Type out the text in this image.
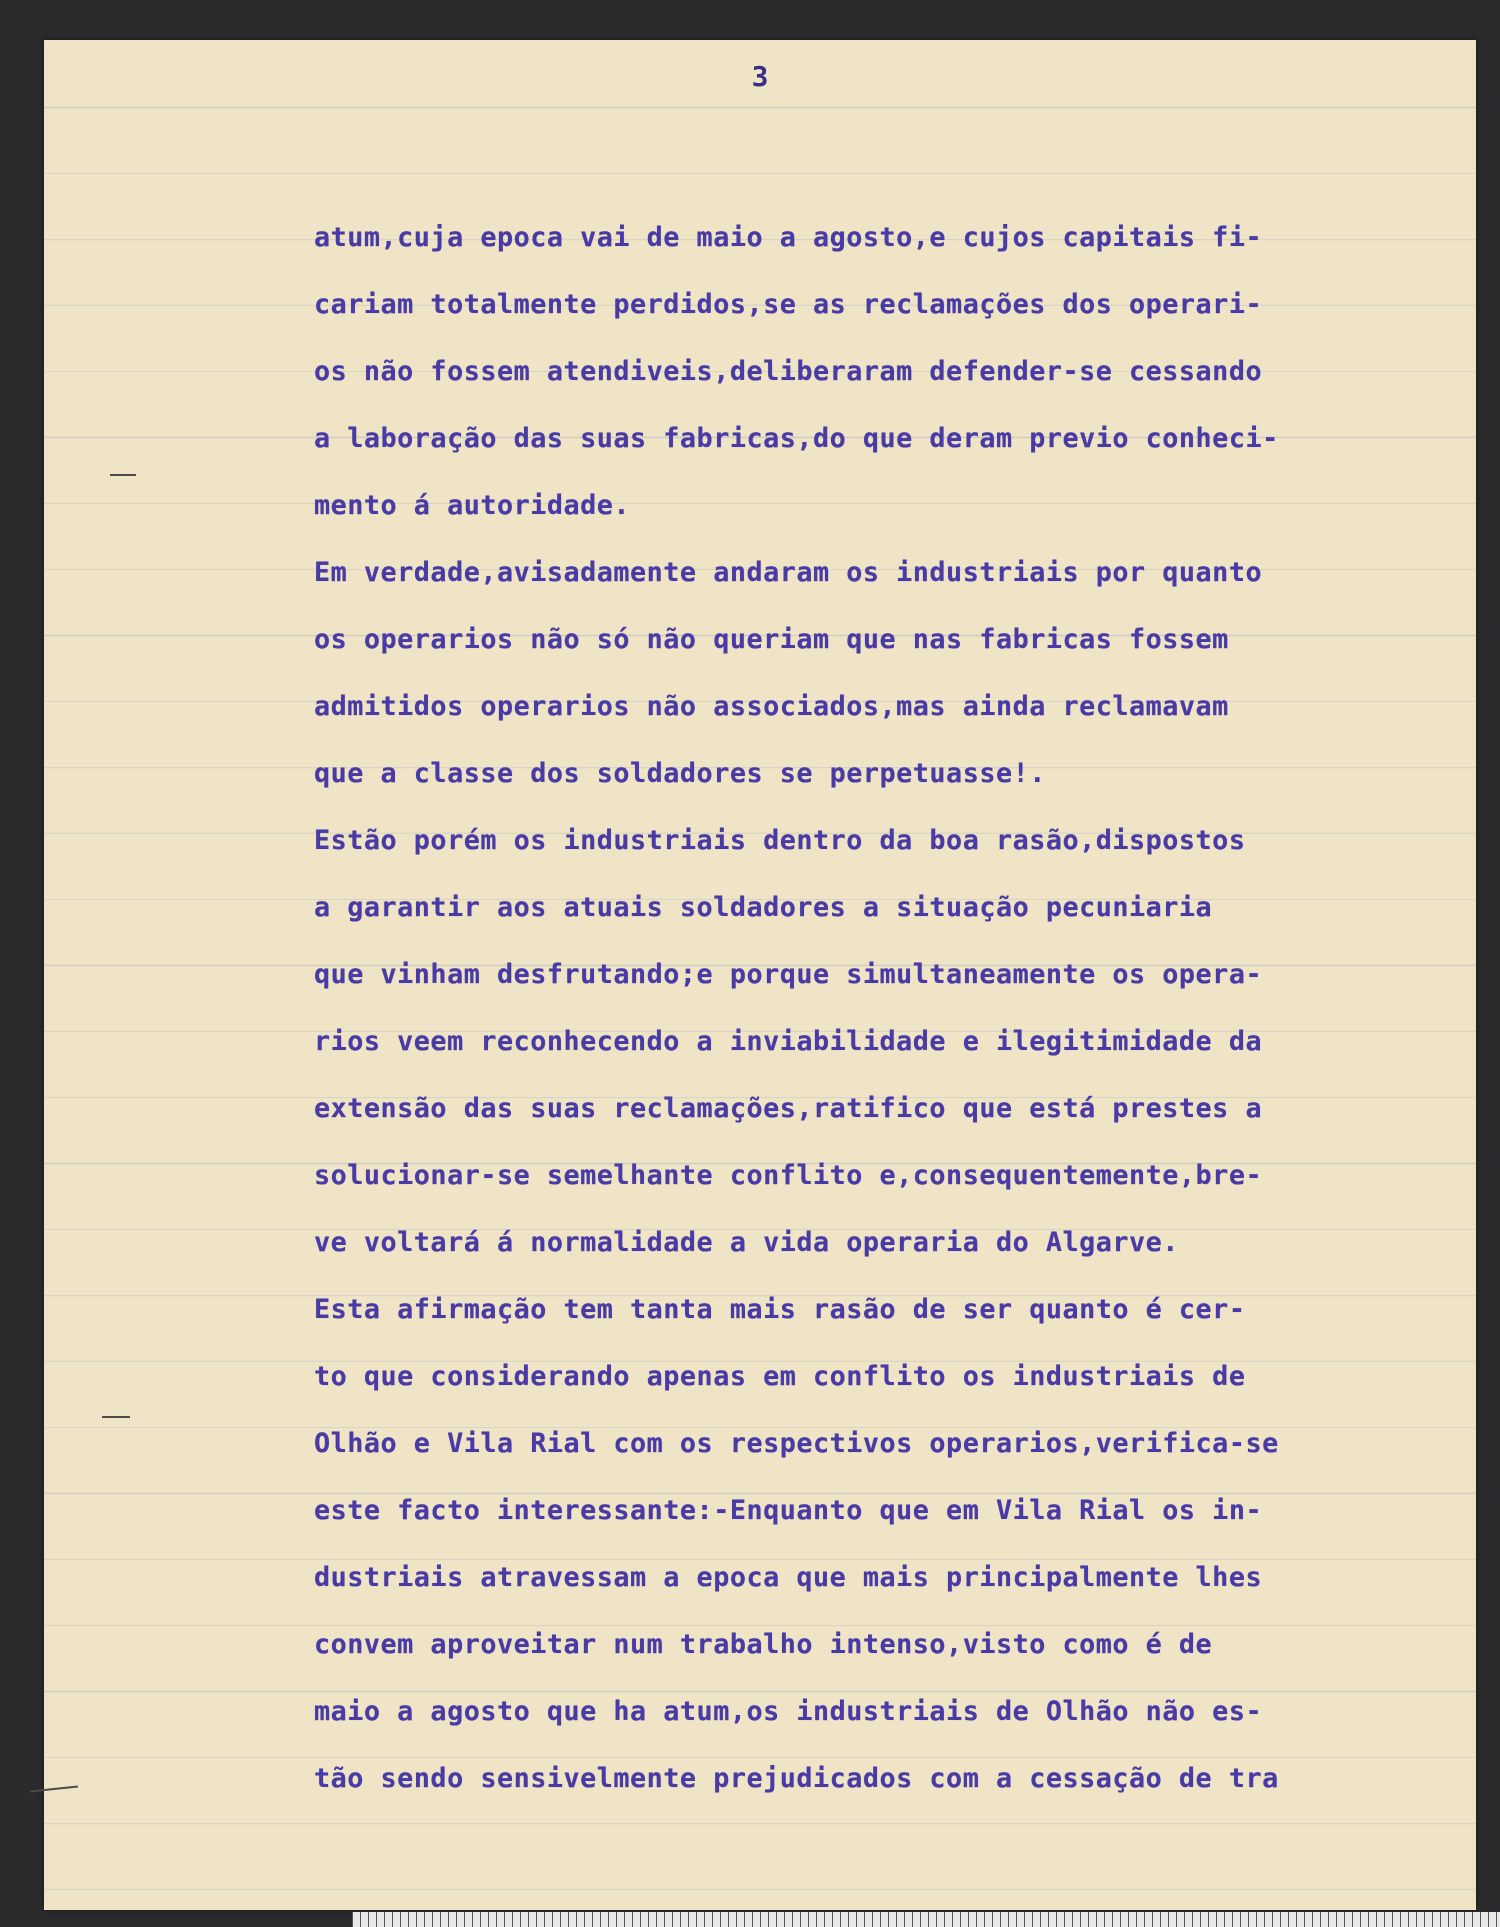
3
atum,cuja epoca vai de maio a agosto,e cujos capitais fi-
cariam totalmente perdidos,se as reclamações dos operari-
os não fossem atendiveis,deliberaram defender-se cessando
a laboração das suas fabricas,do que deram previo conheci-
mento á autoridade.
Em verdade,avisadamente andaram os industriais por quanto
os operarios não só não queriam que nas fabricas fossem
admitidos operarios não associados,mas ainda reclamavam
que a classe dos soldadores se perpetuasse!.
Estão porém os industriais dentro da boa rasão,dispostos
a garantir aos atuais soldadores a situação pecuniaria
que vinham desfrutando;e porque simultaneamente os opera-
rios veem reconhecendo a inviabilidade e ilegitimidade da
extensão das suas reclamações,ratifico que está prestes a
solucionar-se semelhante conflito e,consequentemente,bre-
ve voltará á normalidade a vida operaria do Algarve.
Esta afirmação tem tanta mais rasão de ser quanto é cer-
to que considerando apenas em conflito os industriais de
Olhão e Vila Rial com os respectivos operarios,verifica-se
este facto interessante:-Enquanto que em Vila Rial os in-
dustriais atravessam a epoca que mais principalmente lhes
convem aproveitar num trabalho intenso,visto como é de
maio a agosto que ha atum,os industriais de Olhão não es-
tão sendo sensivelmente prejudicados com a cessação de tra
